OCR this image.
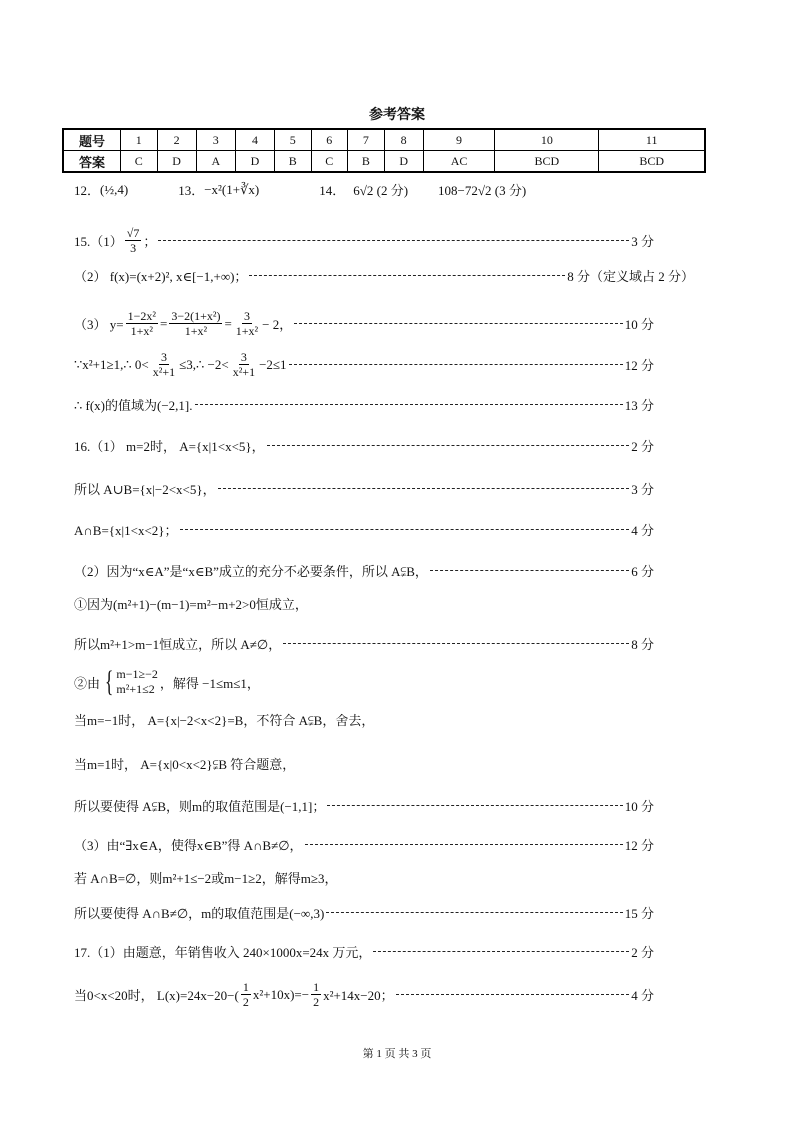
参考答案
题号	1	2	3	4	5	6	7	8	9	10	11
答案	C	D	A	D	B	C	B	D	AC	BCD	BCD
12． (½,4)	13． −x²(1+∛x)	14． 6√2 (2 分) 108−72√2 (3 分)
$15.(1) \frac{√7}{3}$ ；	3 分
（2） f(x)=(x+2)², x∈[−1,+∞)；	8 分（定义域占 2 分）
（3） $y= \frac{\text{1−2x²}}{\text{1+x²}} = \frac{\text{3−2(1+x²)}}{\text{1+x²}} = \frac{3}{\text{1+x²}} - 2$，	10 分
∵x²+1≥1,∴ $0< \frac{3}{\text{x²+1}}$ ≤3,∴ $-2< \frac{3}{\text{x²+1}} -2\le 1$	12 分
∴ f(x)的值域为(−2,1].	13 分
16.（1） m=2时， A={x|1<x<5}，	2 分
所以 A∪B={x|−2<x<5}，	3 分
A∩B={x|1<x<2}；	4 分
（2）因为“x∈A”是“x∈B”成立的充分不必要条件，所以 A⫋B，	6 分
①因为(m²+1)−(m−1)=m²−m+2>0恒成立，
所以m²+1>m−1恒成立，所以 A≠∅，	8 分
②由 { m−1≥−2
m²+1≤2 ，解得 −1≤m≤1，
当m=−1时， A={x|−2<x<2}=B，不符合 A⫋B，舍去，
当m=1时， A={x|0<x<2}⫋B 符合题意，
所以要使得 A⫋B，则m的取值范围是(−1,1]；	10 分
（3）由“∃x∈A，使得x∈B”得 A∩B≠∅，	12 分
若 A∩B=∅，则m²+1≤−2或m−1≥2，解得m≥3，
所以要使得 A∩B≠∅，m的取值范围是(−∞,3)	15 分
17.（1）由题意，年销售收入 240×1000x=24x 万元，	2 分
当0<x<20时， $L(x)=24x-20-( \frac{1}{2} x^2+10x)=- \frac{1}{2} x^2+14x-20$；	4 分
第 1 页 共 3 页
